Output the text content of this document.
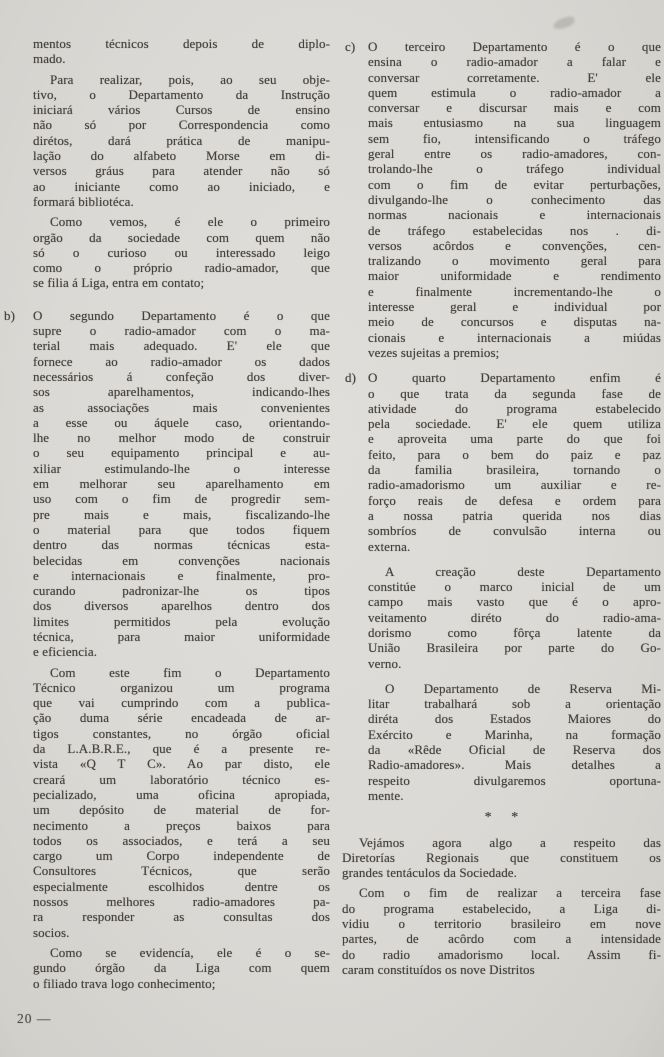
mentos técnicos depois de diplo-
mado.
Para realizar, pois, ao seu obje-
tivo, o Departamento da Instrução
iniciará vários Cursos de ensino
não só por Correspondencia como
dirétos, dará prática de manipu-
lação do alfabeto Morse em di-
versos gráus para atender não só
ao iniciante como ao iniciado, e
formará bibliotéca.
Como vemos, é ele o primeiro
orgão da sociedade com quem não
só o curioso ou interessado leigo
como o próprio radio-amador, que
se filia á Liga, entra em contato;
b) O segundo Departamento é o que
supre o radio-amador com o ma-
terial mais adequado. E' ele que
fornece ao radio-amador os dados
necessários á confeção dos diver-
sos aparelhamentos, indicando-lhes
as associações mais convenientes
a esse ou áquele caso, orientando-
lhe no melhor modo de construir
o seu equipamento principal e au-
xiliar estimulando-lhe o interesse
em melhorar seu aparelhamento em
uso com o fim de progredir sem-
pre mais e mais, fiscalizando-lhe
o material para que todos fiquem
dentro das normas técnicas esta-
belecidas em convenções nacionais
e internacionais e finalmente, pro-
curando padronizar-lhe os tipos
dos diversos aparelhos dentro dos
limites permitidos pela evolução
técnica, para maior uniformidade
e eficiencia.
Com este fim o Departamento
Técnico organizou um programa
que vai cumprindo com a publica-
ção duma série encadeada de ar-
tigos constantes, no órgão oficial
da L.A.B.R.E., que é a presente re-
vista «Q T C». Ao par disto, ele
creará um laboratório técnico es-
pecializado, uma oficina apropiada,
um depósito de material de for-
necimento a preços baixos para
todos os associados, e terá a seu
cargo um Corpo independente de
Consultores Técnicos, que serão
especialmente escolhidos dentre os
nossos melhores radio-amadores pa-
ra responder as consultas dos
socios.
Como se evidencía, ele é o se-
gundo órgão da Liga com quem
o filiado trava logo conhecimento;
c) O terceiro Departamento é o que
ensina o radio-amador a falar e
conversar corretamente. E' ele
quem estimula o radio-amador a
conversar e discursar mais e com
mais entusiasmo na sua linguagem
sem fio, intensificando o tráfego
geral entre os radio-amadores, con-
trolando-lhe o tráfego individual
com o fim de evitar perturbações,
divulgando-lhe o conhecimento das
normas nacionais e internacionais
de tráfego estabelecidas nos . di-
versos acôrdos e convenções, cen-
tralizando o movimento geral para
maior uniformidade e rendimento
e finalmente incrementando-lhe o
interesse geral e individual por
meio de concursos e disputas na-
cionais e internacionais a miúdas
vezes sujeitas a premios;
d) O quarto Departamento enfim é
o que trata da segunda fase de
atividade do programa estabelecido
pela sociedade. E' ele quem utiliza
e aproveita uma parte do que foi
feito, para o bem do paiz e paz
da familia brasileira, tornando o
radio-amadorismo um auxiliar e re-
forço reais de defesa e ordem para
a nossa patria querida nos dias
sombríos de convulsão interna ou
externa.
A creação deste Departamento
constitúe o marco inicial de um
campo mais vasto que é o apro-
veitamento diréto do radio-ama-
dorismo como fôrça latente da
União Brasileira por parte do Go-
verno.
O Departamento de Reserva Mi-
litar trabalhará sob a orientação
diréta dos Estados Maiores do
Exército e Marinha, na formação
da «Rêde Oficial de Reserva dos
Radio-amadores». Mais detalhes a
respeito divulgaremos oportuna-
mente.
* *
Vejámos agora algo a respeito das
Diretorías Regionais que constituem os
grandes tentáculos da Sociedade.
Com o fim de realizar a terceira fase
do programa estabelecido, a Liga di-
vidiu o territorio brasileiro em nove
partes, de acôrdo com a intensidade
do radio amadorismo local. Assim fi-
caram constituídos os nove Distritos
20 —
